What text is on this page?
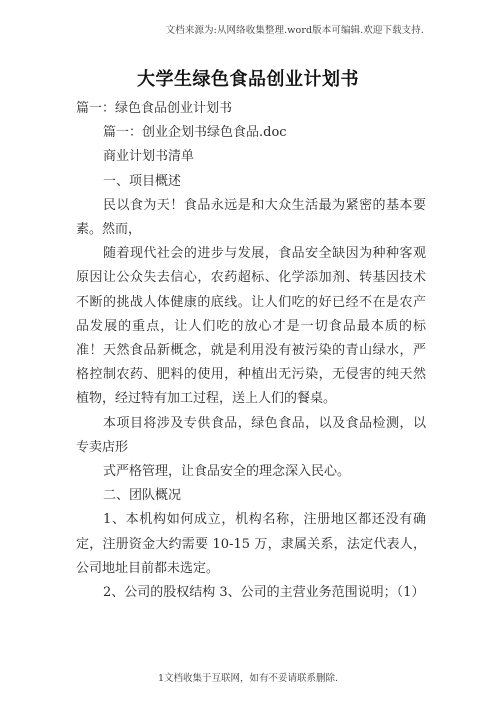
文档来源为:从网络收集整理.word版本可编辑.欢迎下载支持.
大学生绿色食品创业计划书

篇一：绿色食品创业计划书

篇一：创业企划书绿色食品.doc

商业计划书清单

一、项目概述

民以食为天！食品永远是和大众生活最为紧密的基本要素。然而，

随着现代社会的进步与发展，食品安全缺因为种种客观原因让公众失去信心，农药超标、化学添加剂、转基因技术不断的挑战人体健康的底线。让人们吃的好已经不在是农产品发展的重点，让人们吃的放心才是一切食品最本质的标准！天然食品新概念，就是利用没有被污染的青山绿水，严格控制农药、肥料的使用，种植出无污染，无侵害的纯天然植物，经过特有加工过程，送上人们的餐桌。

本项目将涉及专供食品，绿色食品，以及食品检测，以专卖店形

式严格管理，让食品安全的理念深入民心。

二、团队概况

1、本机构如何成立，机构名称，注册地区都还没有确定，注册资金大约需要 10-15 万，隶属关系，法定代表人，公司地址目前都未选定。

2、公司的股权结构 3、公司的主营业务范围说明；（1）

1文档收集于互联网，如有不妥请联系删除.
